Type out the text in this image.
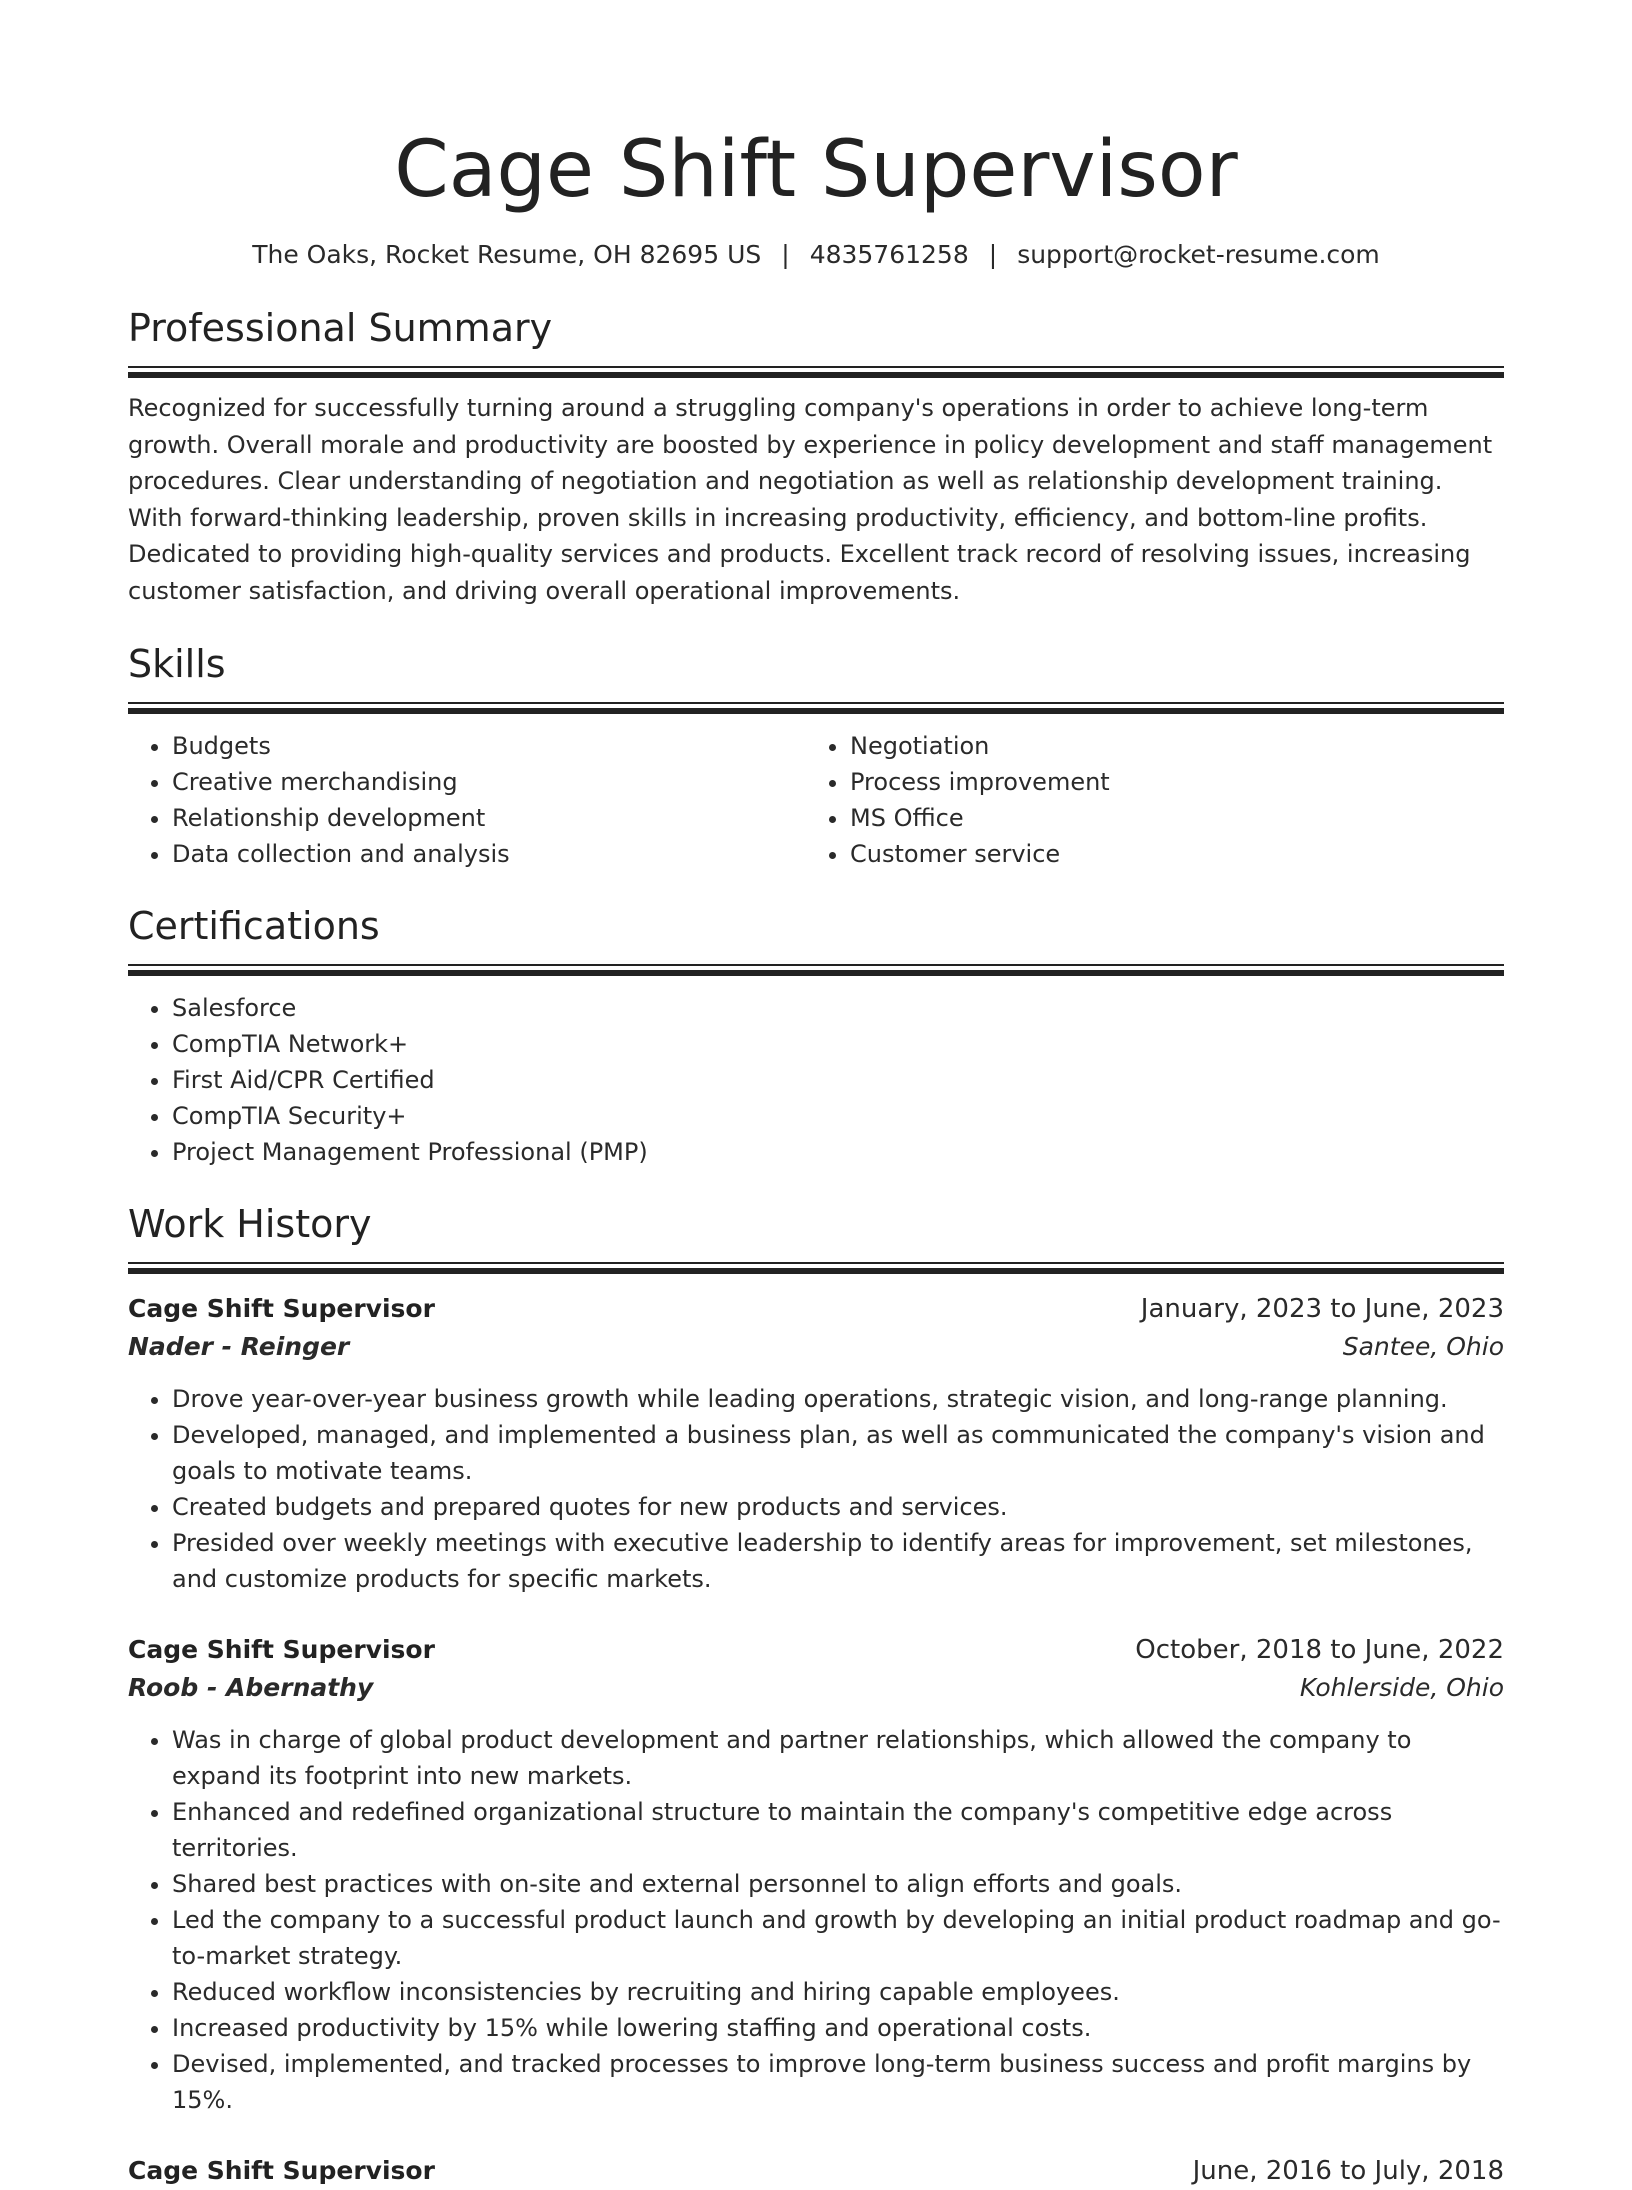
Cage Shift Supervisor
The Oaks, Rocket Resume, OH 82695 US | 4835761258 | support@rocket-resume.com
Professional Summary
Recognized for successfully turning around a struggling company's operations in order to achieve long-term growth. Overall morale and productivity are boosted by experience in policy development and staff management procedures. Clear understanding of negotiation and negotiation as well as relationship development training. With forward-thinking leadership, proven skills in increasing productivity, efficiency, and bottom-line profits. Dedicated to providing high-quality services and products. Excellent track record of resolving issues, increasing customer satisfaction, and driving overall operational improvements.
Skills
• Budgets
• Creative merchandising
• Relationship development
• Data collection and analysis
• Negotiation
• Process improvement
• MS Office
• Customer service
Certifications
• Salesforce
• CompTIA Network+
• First Aid/CPR Certified
• CompTIA Security+
• Project Management Professional (PMP)
Work History
Cage Shift Supervisor	January, 2023 to June, 2023
Nader - Reinger	Santee, Ohio
• Drove year-over-year business growth while leading operations, strategic vision, and long-range planning.
• Developed, managed, and implemented a business plan, as well as communicated the company's vision and goals to motivate teams.
• Created budgets and prepared quotes for new products and services.
• Presided over weekly meetings with executive leadership to identify areas for improvement, set milestones, and customize products for specific markets.
Cage Shift Supervisor	October, 2018 to June, 2022
Roob - Abernathy	Kohlerside, Ohio
• Was in charge of global product development and partner relationships, which allowed the company to expand its footprint into new markets.
• Enhanced and redefined organizational structure to maintain the company's competitive edge across territories.
• Shared best practices with on-site and external personnel to align efforts and goals.
• Led the company to a successful product launch and growth by developing an initial product roadmap and go-to-market strategy.
• Reduced workflow inconsistencies by recruiting and hiring capable employees.
• Increased productivity by 15% while lowering staffing and operational costs.
• Devised, implemented, and tracked processes to improve long-term business success and profit margins by 15%.
Cage Shift Supervisor	June, 2016 to July, 2018
